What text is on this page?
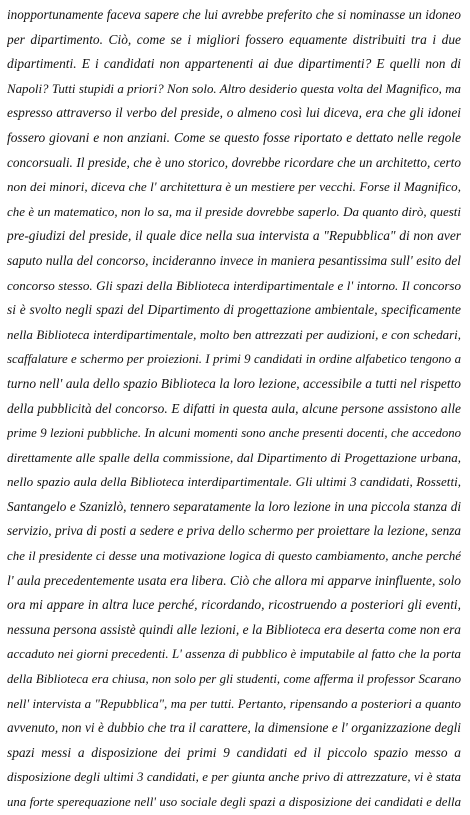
inopportunamente faceva sapere che lui avrebbe preferito che si nominasse un idoneo
per dipartimento. Ciò, come se i migliori fossero equamente distribuiti tra i due
dipartimenti. E i candidati non appartenenti ai due dipartimenti? E quelli non di
Napoli? Tutti stupidi a priori? Non solo. Altro desiderio questa volta del Magnifico, ma
espresso attraverso il verbo del preside, o almeno così lui diceva, era che gli idonei
fossero giovani e non anziani. Come se questo fosse riportato e dettato nelle regole
concorsuali. Il preside, che è uno storico, dovrebbe ricordare che un architetto, certo
non dei minori, diceva che l' architettura è un mestiere per vecchi. Forse il Magnifico,
che è un matematico, non lo sa, ma il preside dovrebbe saperlo. Da quanto dirò, questi
pre-giudizi del preside, il quale dice nella sua intervista a "Repubblica" di non aver
saputo nulla del concorso, incideranno invece in maniera pesantissima sull' esito del
concorso stesso. Gli spazi della Biblioteca interdipartimentale e l' intorno. Il concorso
si è svolto negli spazi del Dipartimento di progettazione ambientale, specificamente
nella Biblioteca interdipartimentale, molto ben attrezzati per audizioni, e con schedari,
scaffalature e schermo per proiezioni. I primi 9 candidati in ordine alfabetico tengono a
turno nell' aula dello spazio Biblioteca la loro lezione, accessibile a tutti nel rispetto
della pubblicità del concorso. E difatti in questa aula, alcune persone assistono alle
prime 9 lezioni pubbliche. In alcuni momenti sono anche presenti docenti, che accedono
direttamente alle spalle della commissione, dal Dipartimento di Progettazione urbana,
nello spazio aula della Biblioteca interdipartimentale. Gli ultimi 3 candidati, Rossetti,
Santangelo e Szanizlò, tennero separatamente la loro lezione in una piccola stanza di
servizio, priva di posti a sedere e priva dello schermo per proiettare la lezione, senza
che il presidente ci desse una motivazione logica di questo cambiamento, anche perché
l' aula precedentemente usata era libera. Ciò che allora mi apparve ininfluente, solo
ora mi appare in altra luce perché, ricordando, ricostruendo a posteriori gli eventi,
nessuna persona assistè quindi alle lezioni, e la Biblioteca era deserta come non era
accaduto nei giorni precedenti. L' assenza di pubblico è imputabile al fatto che la porta
della Biblioteca era chiusa, non solo per gli studenti, come afferma il professor Scarano
nell' intervista a "Repubblica", ma per tutti. Pertanto, ripensando a posteriori a quanto
avvenuto, non vi è dubbio che tra il carattere, la dimensione e l' organizzazione degli
spazi messi a disposizione dei primi 9 candidati ed il piccolo spazio messo a
disposizione degli ultimi 3 candidati, e per giunta anche privo di attrezzature, vi è stata
una forte sperequazione nell' uso sociale degli spazi a disposizione dei candidati e della
